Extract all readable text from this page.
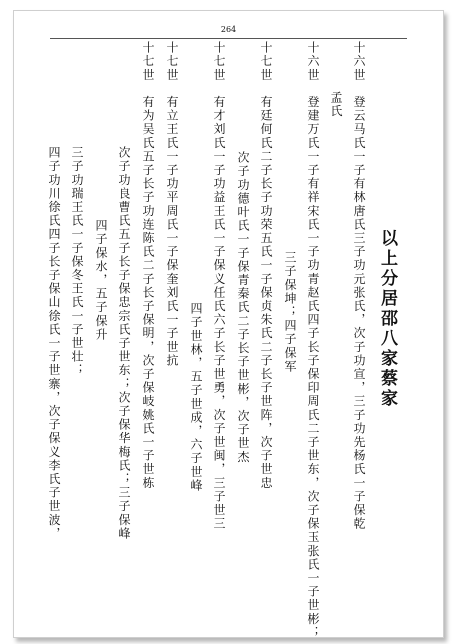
264
以上分居邵八家蔡家
十六世　登云马氏一子有林唐氏三子功元张氏，次子功宣，三子功先杨氏一子保乾
孟氏
十六世　登建万氏一子有祥宋氏一子功青赵氏四子长子保印周氏二子世东，次子保玉张氏一子世彬；
三子保坤；四子保军
十七世　有廷何氏二子长子功荣五氏一子保贞朱氏二子长子世阵，次子世忠
次子功德叶氏一子保青秦氏二子长子世彬，次子世杰
十七世　有才刘氏一子功益王氏一子保义任氏六子长子世勇，次子世闽，三子世三
四子世林，五子世成，六子世峰
十七世　有立王氏一子功平周氏一子保奎刘氏一子世抗
十七世　有为吴氏五子长子功连陈氏二子长子保明，次子保岐姚氏一子世栋
次子功良曹氏五子长子保忠宗氏子世东；次子保华梅氏；三子保峰
四子保水，五子保升
三子功瑞王氏一子保冬王氏一子世壮；
四子功川徐氏四子长子保山徐氏一子世寨，次子保义李氏子世波，
